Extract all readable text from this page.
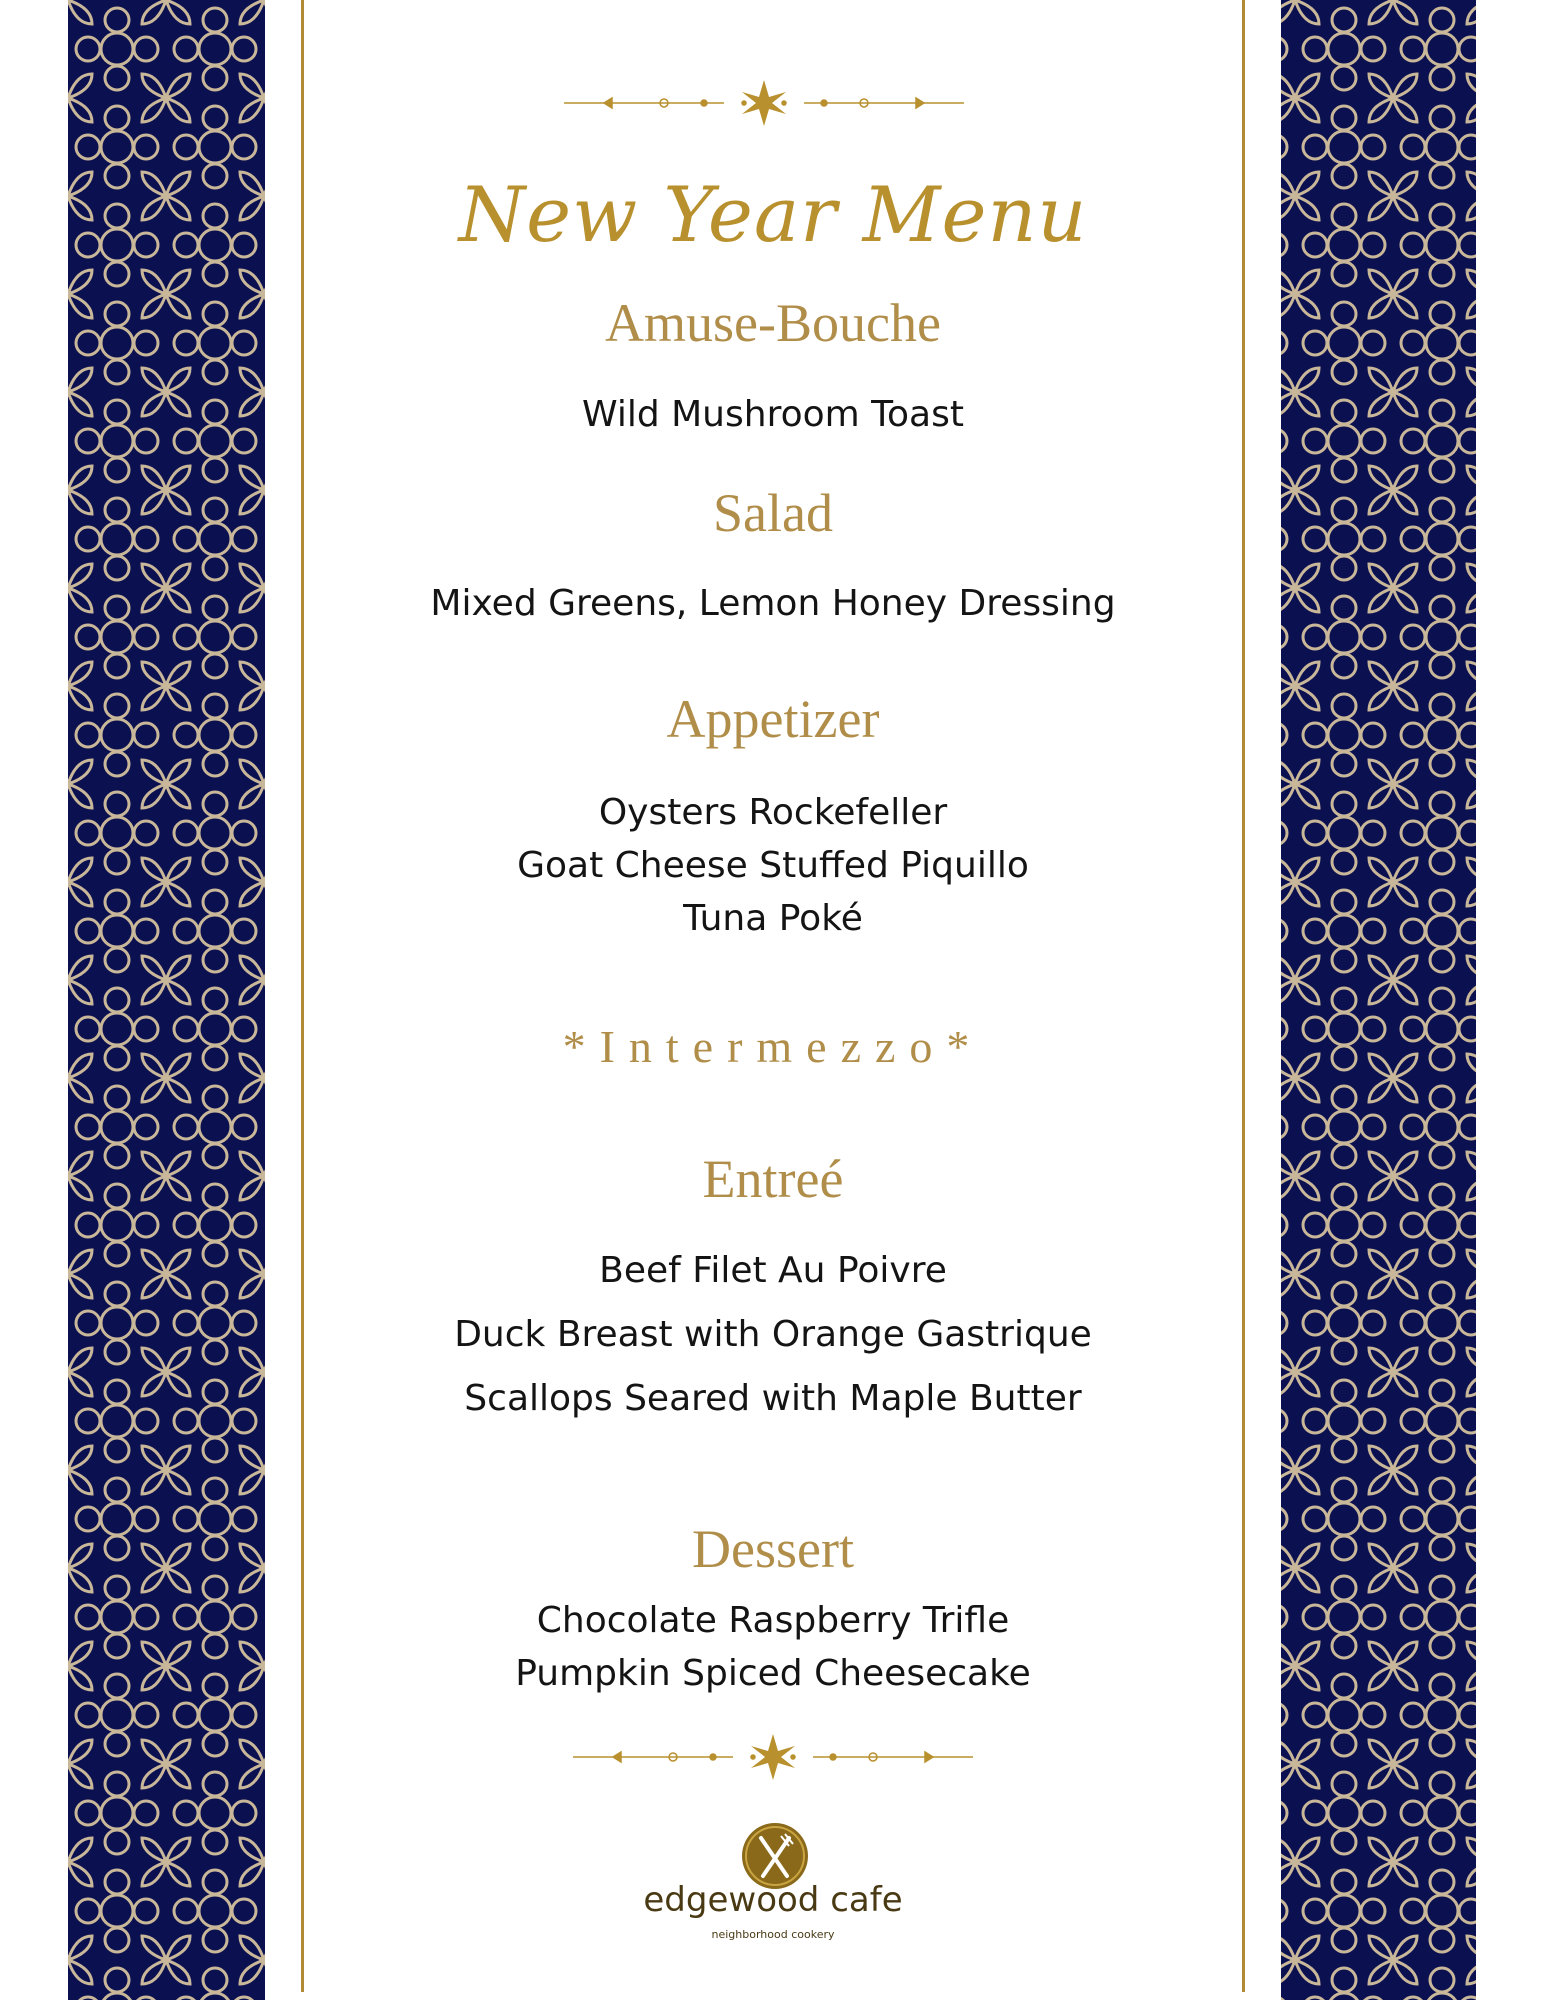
New Year Menu
Amuse-Bouche
Wild Mushroom Toast
Salad
Mixed Greens, Lemon Honey Dressing
Appetizer
Oysters Rockefeller
Goat Cheese Stuffed Piquillo
Tuna Poké
*Intermezzo*
Entreé
Beef Filet Au Poivre
Duck Breast with Orange Gastrique
Scallops Seared with Maple Butter
Dessert
Chocolate Raspberry Trifle
Pumpkin Spiced Cheesecake
edgewood cafe
neighborhood cookery
